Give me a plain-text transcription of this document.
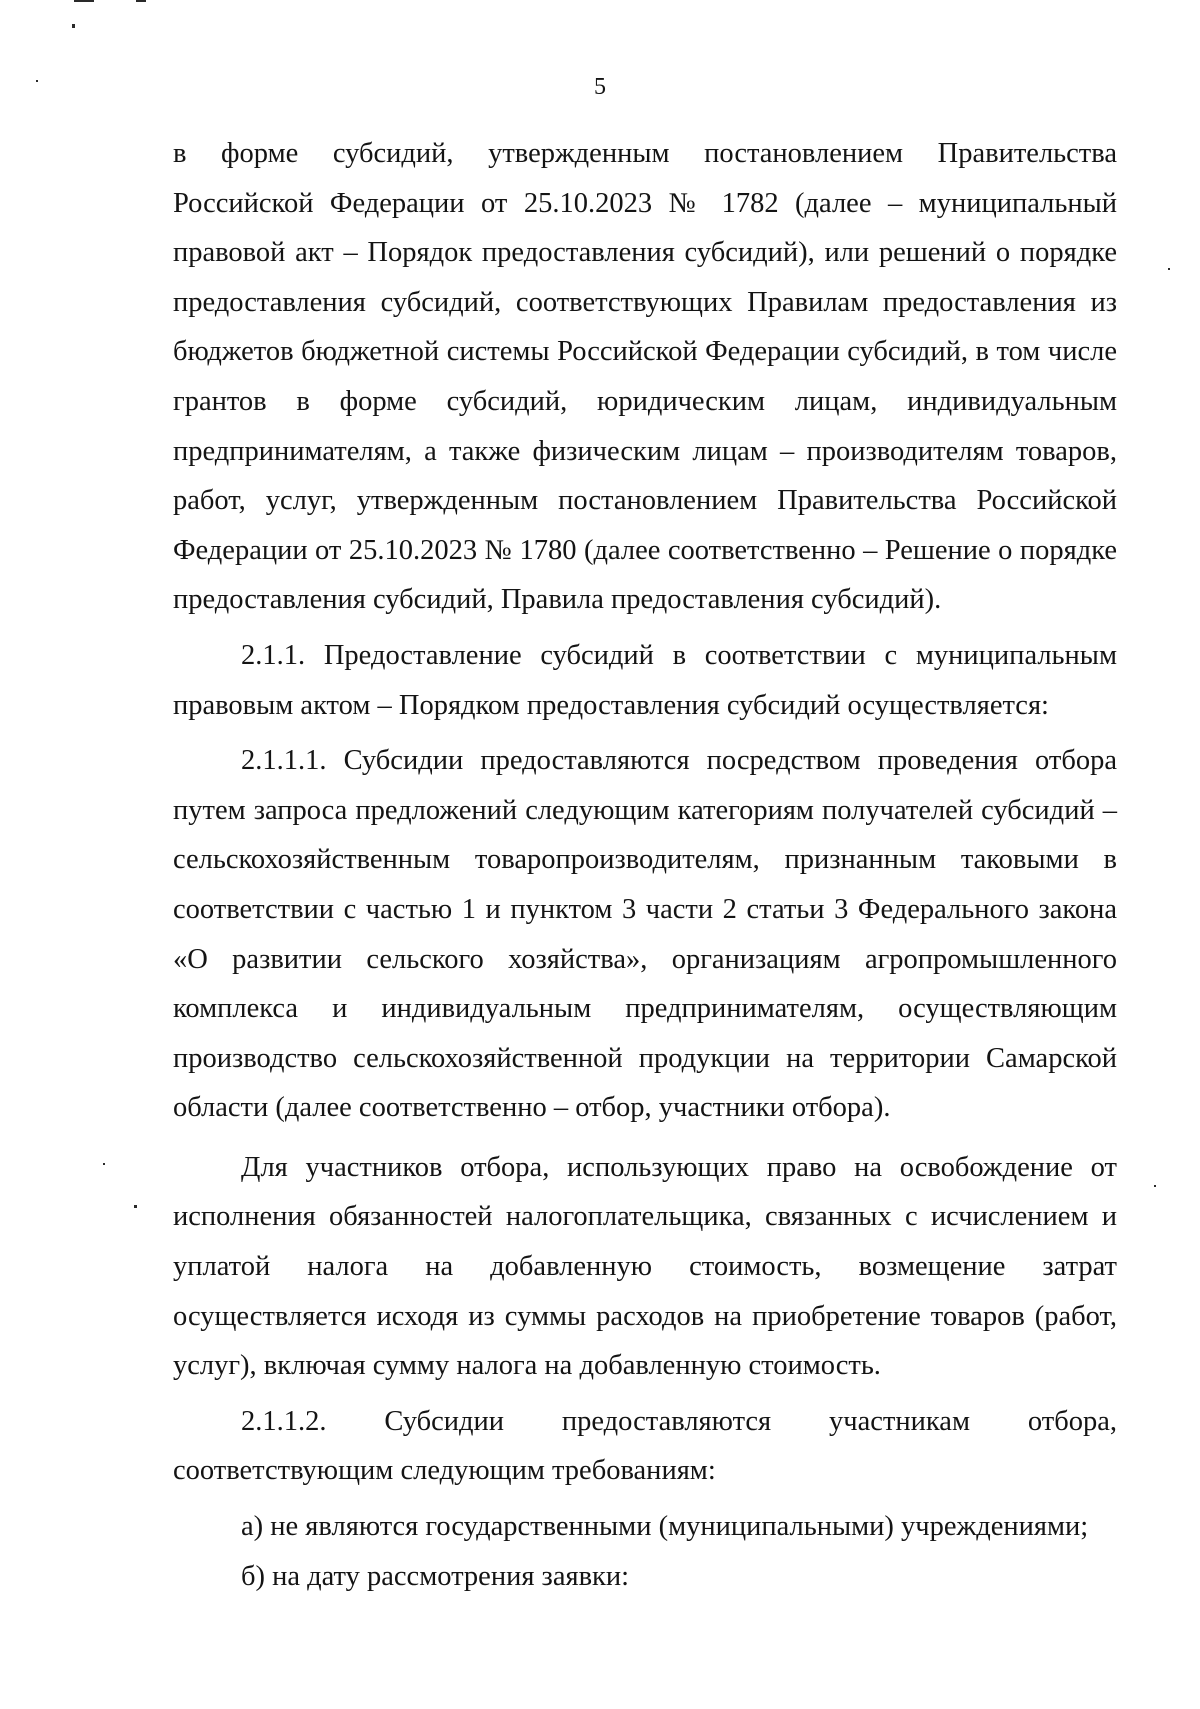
5

в форме субсидий, утвержденным постановлением Правительства Российской Федерации от 25.10.2023 № 1782 (далее – муниципальный правовой акт – Порядок предоставления субсидий), или решений о порядке предоставления субсидий, соответствующих Правилам предоставления из бюджетов бюджетной системы Российской Федерации субсидий, в том числе грантов в форме субсидий, юридическим лицам, индивидуальным предпринимателям, а также физическим лицам – производителям товаров, работ, услуг, утвержденным постановлением Правительства Российской Федерации от 25.10.2023 № 1780 (далее соответственно – Решение о порядке предоставления субсидий, Правила предоставления субсидий).

2.1.1. Предоставление субсидий в соответствии с муниципальным правовым актом – Порядком предоставления субсидий осуществляется:

2.1.1.1. Субсидии предоставляются посредством проведения отбора путем запроса предложений следующим категориям получателей субсидий – сельскохозяйственным товаропроизводителям, признанным таковыми в соответствии с частью 1 и пунктом 3 части 2 статьи 3 Федерального закона «О развитии сельского хозяйства», организациям агропромышленного комплекса и индивидуальным предпринимателям, осуществляющим производство сельскохозяйственной продукции на территории Самарской области (далее соответственно – отбор, участники отбора).

Для участников отбора, использующих право на освобождение от исполнения обязанностей налогоплательщика, связанных с исчислением и уплатой налога на добавленную стоимость, возмещение затрат осуществляется исходя из суммы расходов на приобретение товаров (работ, услуг), включая сумму налога на добавленную стоимость.

2.1.1.2. Субсидии предоставляются участникам отбора, соответствующим следующим требованиям:

а) не являются государственными (муниципальными) учреждениями;

б) на дату рассмотрения заявки:
